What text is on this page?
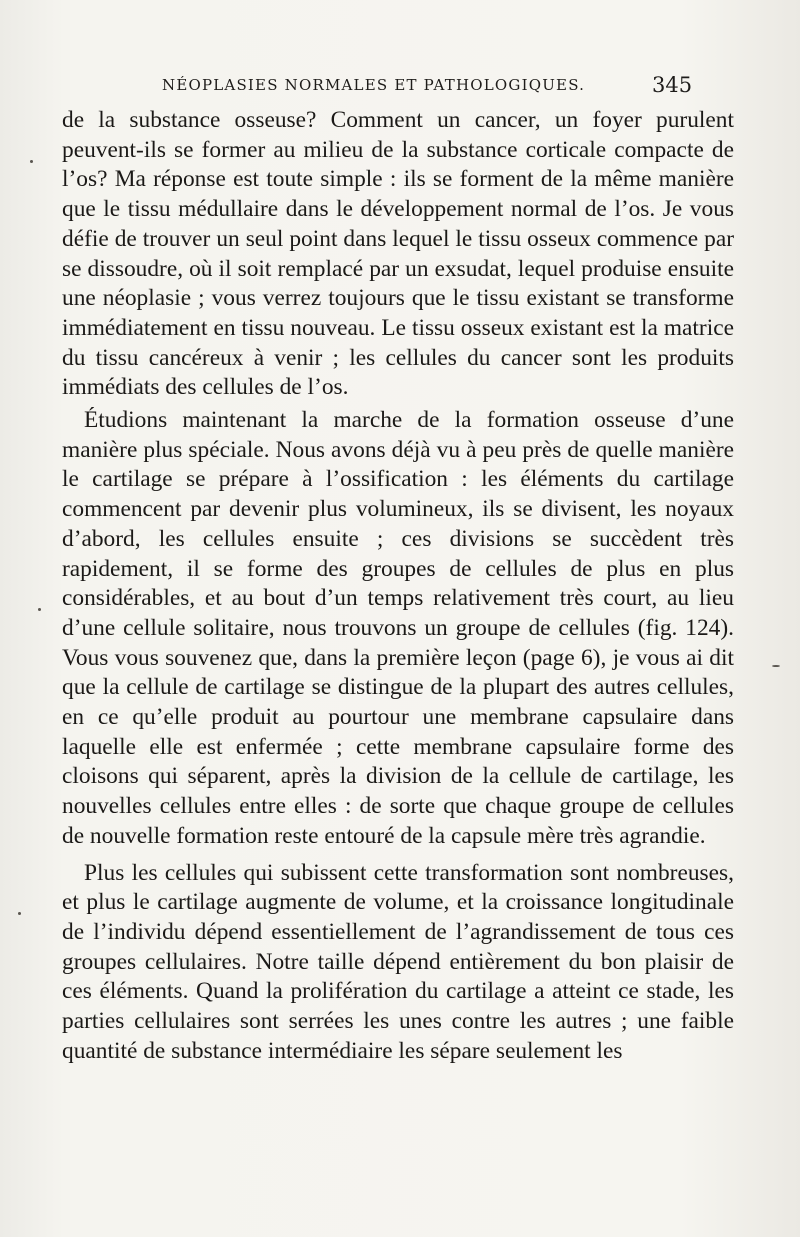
NÉOPLASIES NORMALES ET PATHOLOGIQUES.	345

de la substance osseuse? Comment un cancer, un foyer purulent peuvent-ils se former au milieu de la substance corticale compacte de l’os? Ma réponse est toute simple : ils se forment de la même manière que le tissu médullaire dans le développement normal de l’os. Je vous défie de trouver un seul point dans lequel le tissu osseux commence par se dissoudre, où il soit remplacé par un exsudat, lequel produise ensuite une néoplasie ; vous verrez toujours que le tissu existant se transforme immédiatement en tissu nouveau. Le tissu osseux existant est la matrice du tissu cancéreux à venir ; les cellules du cancer sont les produits immédiats des cellules de l’os.

Étudions maintenant la marche de la formation osseuse d’une manière plus spéciale. Nous avons déjà vu à peu près de quelle manière le cartilage se prépare à l’ossification : les éléments du cartilage commencent par devenir plus volumineux, ils se divisent, les noyaux d’abord, les cellules ensuite ; ces divisions se succèdent très rapidement, il se forme des groupes de cellules de plus en plus considérables, et au bout d’un temps relativement très court, au lieu d’une cellule solitaire, nous trouvons un groupe de cellules (fig. 124). Vous vous souvenez que, dans la première leçon (page 6), je vous ai dit que la cellule de cartilage se distingue de la plupart des autres cellules, en ce qu’elle produit au pourtour une membrane capsulaire dans laquelle elle est enfermée ; cette membrane capsulaire forme des cloisons qui séparent, après la division de la cellule de cartilage, les nouvelles cellules entre elles : de sorte que chaque groupe de cellules de nouvelle formation reste entouré de la capsule mère très agrandie.

Plus les cellules qui subissent cette transformation sont nombreuses, et plus le cartilage augmente de volume, et la croissance longitudinale de l’individu dépend essentiellement de l’agrandissement de tous ces groupes cellulaires. Notre taille dépend entièrement du bon plaisir de ces éléments. Quand la prolifération du cartilage a atteint ce stade, les parties cellulaires sont serrées les unes contre les autres ; une faible quantité de substance intermédiaire les sépare seulement les
